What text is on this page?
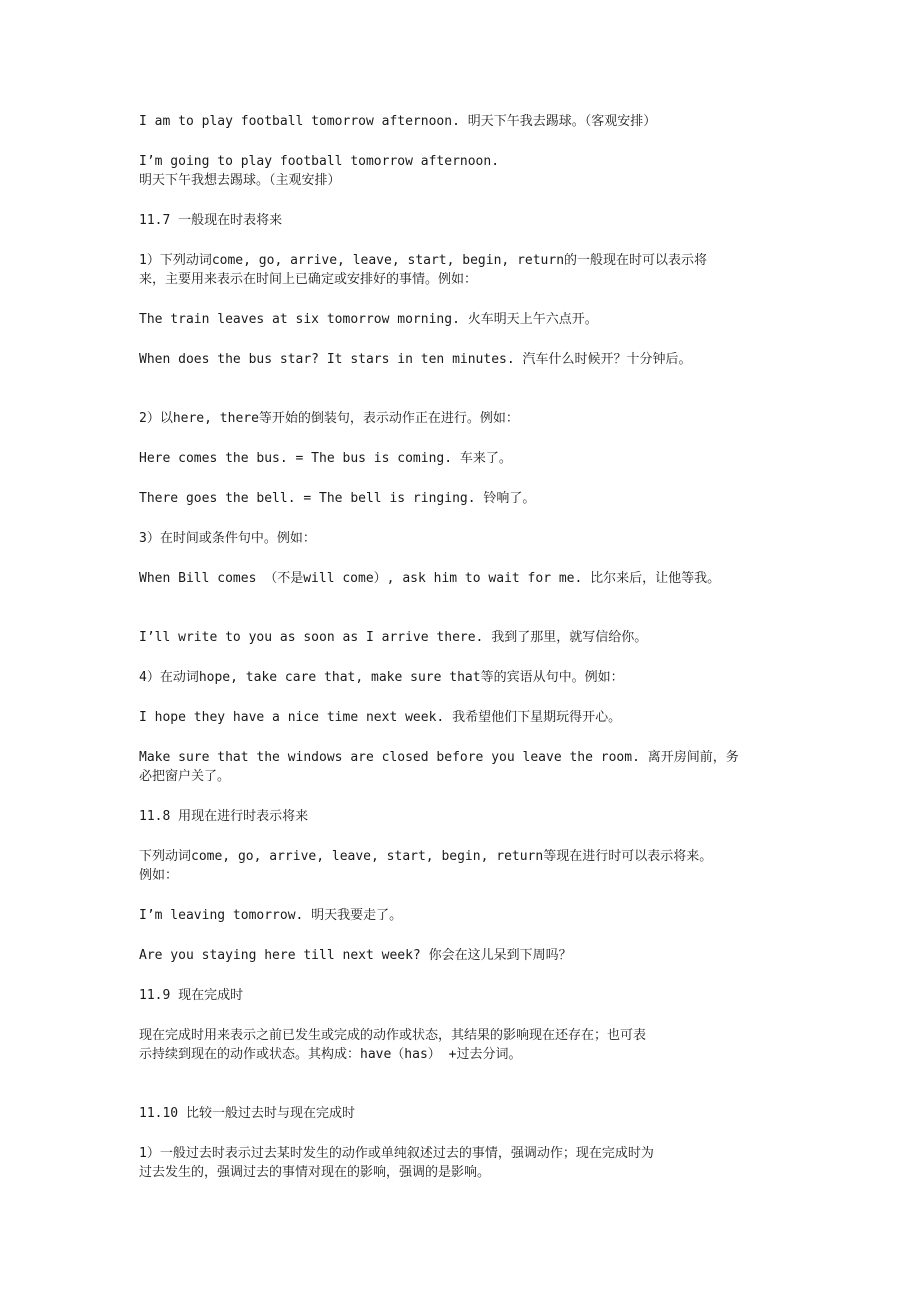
I am to play football tomorrow afternoon. 明天下午我去踢球。（客观安排）

I’m going to play football tomorrow afternoon.

明天下午我想去踢球。（主观安排）

11.7 一般现在时表将来

1）下列动词come, go, arrive, leave, start, begin, return的一般现在时可以表示将

来，主要用来表示在时间上已确定或安排好的事情。例如：

The train leaves at six tomorrow morning. 火车明天上午六点开。

When does the bus star? It stars in ten minutes. 汽车什么时候开？十分钟后。

2）以here, there等开始的倒装句，表示动作正在进行。例如：

Here comes the bus. = The bus is coming. 车来了。

There goes the bell. = The bell is ringing. 铃响了。

3）在时间或条件句中。例如：

When Bill comes （不是will come）, ask him to wait for me. 比尔来后，让他等我。

I’ll write to you as soon as I arrive there. 我到了那里，就写信给你。

4）在动词hope, take care that, make sure that等的宾语从句中。例如：

I hope they have a nice time next week. 我希望他们下星期玩得开心。

Make sure that the windows are closed before you leave the room. 离开房间前，务

必把窗户关了。

11.8 用现在进行时表示将来

下列动词come, go, arrive, leave, start, begin, return等现在进行时可以表示将来。

例如：

I’m leaving tomorrow. 明天我要走了。

Are you staying here till next week? 你会在这儿呆到下周吗？

11.9 现在完成时

现在完成时用来表示之前已发生或完成的动作或状态，其结果的影响现在还存在；也可表

示持续到现在的动作或状态。其构成：have（has） +过去分词。

11.10 比较一般过去时与现在完成时

1）一般过去时表示过去某时发生的动作或单纯叙述过去的事情，强调动作；现在完成时为

过去发生的，强调过去的事情对现在的影响，强调的是影响。
